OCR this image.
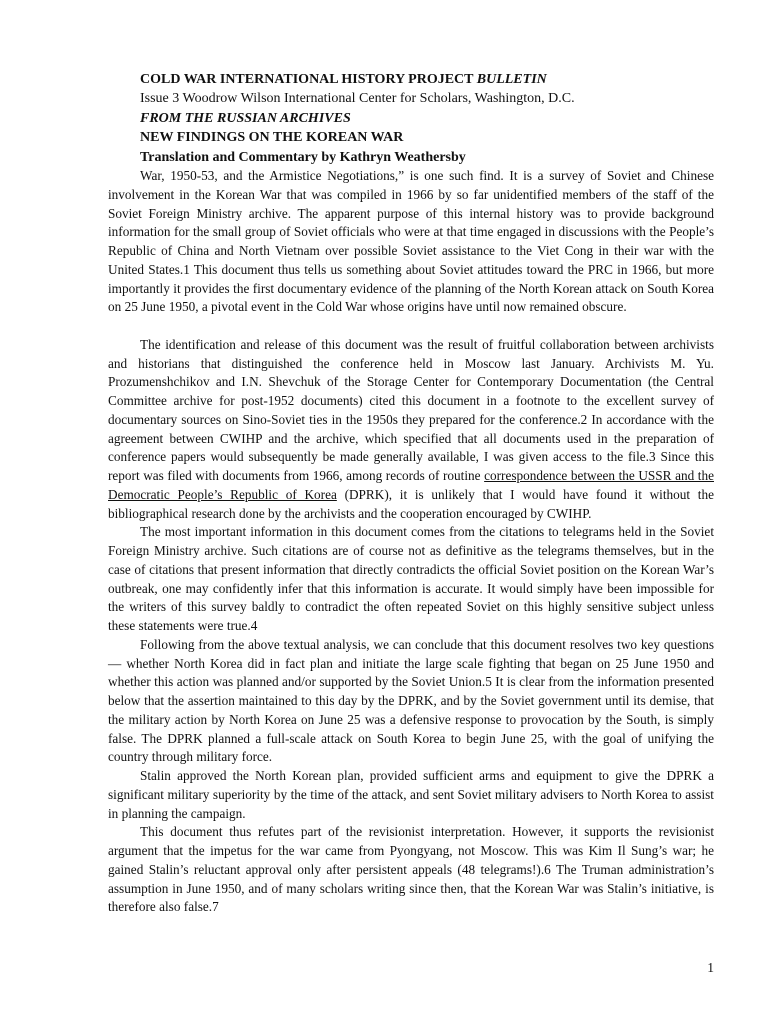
COLD WAR INTERNATIONAL HISTORY PROJECT BULLETIN
Issue 3 Woodrow Wilson International Center for Scholars, Washington, D.C.
FROM THE RUSSIAN ARCHIVES
NEW FINDINGS ON THE KOREAN WAR
Translation and Commentary by Kathryn Weathersby

War, 1950-53, and the Armistice Negotiations,” is one such find. It is a survey of Soviet and Chinese involvement in the Korean War that was compiled in 1966 by so far unidentified members of the staff of the Soviet Foreign Ministry archive. The apparent purpose of this internal history was to provide background information for the small group of Soviet officials who were at that time engaged in discussions with the People’s Republic of China and North Vietnam over possible Soviet assistance to the Viet Cong in their war with the United States.1 This document thus tells us something about Soviet attitudes toward the PRC in 1966, but more importantly it provides the first documentary evidence of the planning of the North Korean attack on South Korea on 25 June 1950, a pivotal event in the Cold War whose origins have until now remained obscure.

The identification and release of this document was the result of fruitful collaboration between archivists and historians that distinguished the conference held in Moscow last January. Archivists M. Yu. Prozumenshchikov and I.N. Shevchuk of the Storage Center for Contemporary Documentation (the Central Committee archive for post-1952 documents) cited this document in a footnote to the excellent survey of documentary sources on Sino-Soviet ties in the 1950s they prepared for the conference.2 In accordance with the agreement between CWIHP and the archive, which specified that all documents used in the preparation of conference papers would subsequently be made generally available, I was given access to the file.3 Since this report was filed with documents from 1966, among records of routine correspondence between the USSR and the Democratic People’s Republic of Korea (DPRK), it is unlikely that I would have found it without the bibliographical research done by the archivists and the cooperation encouraged by CWIHP.

The most important information in this document comes from the citations to telegrams held in the Soviet Foreign Ministry archive. Such citations are of course not as definitive as the telegrams themselves, but in the case of citations that present information that directly contradicts the official Soviet position on the Korean War’s outbreak, one may confidently infer that this information is accurate. It would simply have been impossible for the writers of this survey baldly to contradict the often repeated Soviet on this highly sensitive subject unless these statements were true.4

Following from the above textual analysis, we can conclude that this document resolves two key questions — whether North Korea did in fact plan and initiate the large scale fighting that began on 25 June 1950 and whether this action was planned and/or supported by the Soviet Union.5 It is clear from the information presented below that the assertion maintained to this day by the DPRK, and by the Soviet government until its demise, that the military action by North Korea on June 25 was a defensive response to provocation by the South, is simply false. The DPRK planned a full-scale attack on South Korea to begin June 25, with the goal of unifying the country through military force.

Stalin approved the North Korean plan, provided sufficient arms and equipment to give the DPRK a significant military superiority by the time of the attack, and sent Soviet military advisers to North Korea to assist in planning the campaign.

This document thus refutes part of the revisionist interpretation. However, it supports the revisionist argument that the impetus for the war came from Pyongyang, not Moscow. This was Kim Il Sung’s war; he gained Stalin’s reluctant approval only after persistent appeals (48 telegrams!).6 The Truman administration’s assumption in June 1950, and of many scholars writing since then, that the Korean War was Stalin’s initiative, is therefore also false.7

1
